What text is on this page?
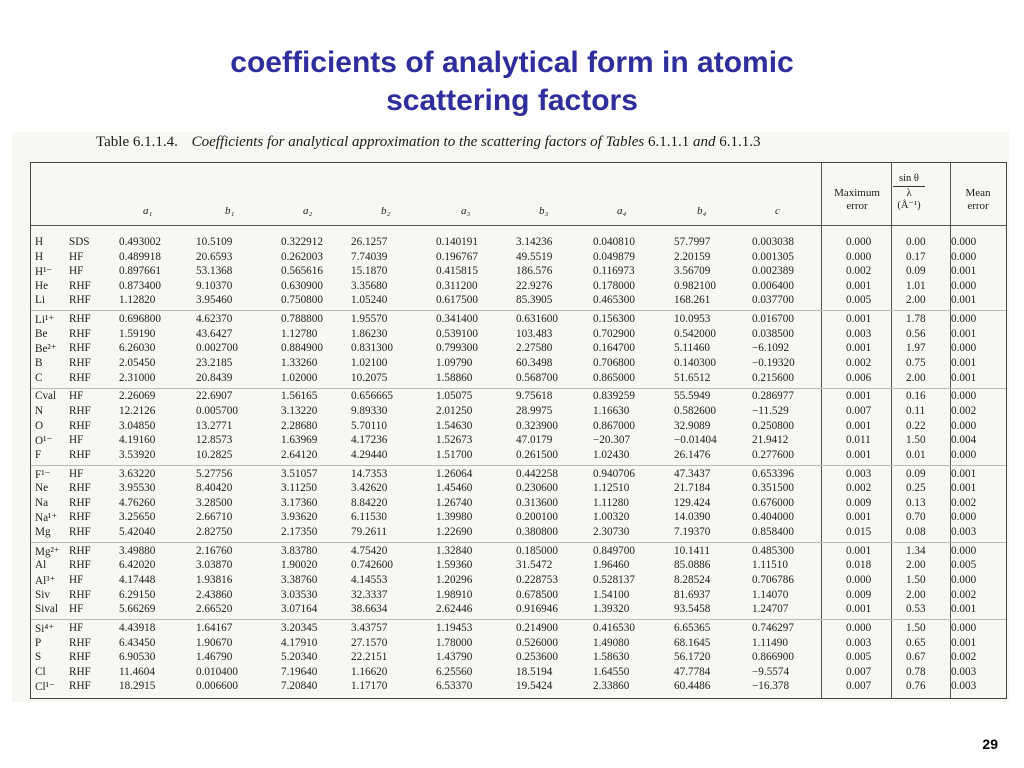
coefficients of analytical form in atomic
scattering factors
Table 6.1.1.4. Coefficients for analytical approximation to the scattering factors of Tables 6.1.1.1 and 6.1.1.3
a₁	b₁	a₂	b₂	a₃	b₃	a₄	b₄	c
Maximum
error
sin θ
λ
(Å⁻¹)
Mean
error
H SDS	0.493002	10.5109	0.322912	26.1257	0.140191	3.14236	0.040810	57.7997	0.003038	0.000	0.00 0.000
H HF	0.489918	20.6593	0.262003	7.74039	0.196767	49.5519	0.049879	2.20159	0.001305	0.000	0.17 0.000
H¹⁻ HF	0.897661	53.1368	0.565616	15.1870	0.415815	186.576	0.116973	3.56709	0.002389	0.002	0.09 0.001
He RHF	0.873400	9.10370	0.630900	3.35680	0.311200	22.9276	0.178000	0.982100	0.006400	0.001	1.01 0.000
Li RHF	1.12820	3.95460	0.750800	1.05240	0.617500	85.3905	0.465300	168.261	0.037700	0.005	2.00 0.001
Li¹⁺ RHF	0.696800	4.62370	0.788800	1.95570	0.341400	0.631600	0.156300	10.0953	0.016700	0.001	1.78 0.000
Be RHF	1.59190	43.6427	1.12780	1.86230	0.539100	103.483	0.702900	0.542000	0.038500	0.003	0.56 0.001
Be²⁺ RHF	6.26030	0.002700	0.884900	0.831300	0.799300	2.27580	0.164700	5.11460	−6.1092	0.001	1.97 0.000
B RHF	2.05450	23.2185	1.33260	1.02100	1.09790	60.3498	0.706800	0.140300	−0.19320	0.002	0.75 0.001
C RHF	2.31000	20.8439	1.02000	10.2075	1.58860	0.568700	0.865000	51.6512	0.215600	0.006	2.00 0.001
Cval HF	2.26069	22.6907	1.56165	0.656665	1.05075	9.75618	0.839259	55.5949	0.286977	0.001	0.16 0.000
N RHF	12.2126	0.005700	3.13220	9.89330	2.01250	28.9975	1.16630	0.582600	−11.529	0.007	0.11 0.002
O RHF	3.04850	13.2771	2.28680	5.70110	1.54630	0.323900	0.867000	32.9089	0.250800	0.001	0.22 0.000
O¹⁻ HF	4.19160	12.8573	1.63969	4.17236	1.52673	47.0179	−20.307	−0.01404	21.9412	0.011	1.50 0.004
F RHF	3.53920	10.2825	2.64120	4.29440	1.51700	0.261500	1.02430	26.1476	0.277600	0.001	0.01 0.000
F¹⁻ HF	3.63220	5.27756	3.51057	14.7353	1.26064	0.442258	0.940706	47.3437	0.653396	0.003	0.09 0.001
Ne RHF	3.95530	8.40420	3.11250	3.42620	1.45460	0.230600	1.12510	21.7184	0.351500	0.002	0.25 0.001
Na RHF	4.76260	3.28500	3.17360	8.84220	1.26740	0.313600	1.11280	129.424	0.676000	0.009	0.13 0.002
Na¹⁺ RHF	3.25650	2.66710	3.93620	6.11530	1.39980	0.200100	1.00320	14.0390	0.404000	0.001	0.70 0.000
Mg RHF	5.42040	2.82750	2.17350	79.2611	1.22690	0.380800	2.30730	7.19370	0.858400	0.015	0.08 0.003
Mg²⁺ RHF	3.49880	2.16760	3.83780	4.75420	1.32840	0.185000	0.849700	10.1411	0.485300	0.001	1.34 0.000
Al RHF	6.42020	3.03870	1.90020	0.742600	1.59360	31.5472	1.96460	85.0886	1.11510	0.018	2.00 0.005
Al³⁺ HF	4.17448	1.93816	3.38760	4.14553	1.20296	0.228753	0.528137	8.28524	0.706786	0.000	1.50 0.000
Siv RHF	6.29150	2.43860	3.03530	32.3337	1.98910	0.678500	1.54100	81.6937	1.14070	0.009	2.00 0.002
Sival HF	5.66269	2.66520	3.07164	38.6634	2.62446	0.916946	1.39320	93.5458	1.24707	0.001	0.53 0.001
Si⁴⁺ HF	4.43918	1.64167	3.20345	3.43757	1.19453	0.214900	0.416530	6.65365	0.746297	0.000	1.50 0.000
P RHF	6.43450	1.90670	4.17910	27.1570	1.78000	0.526000	1.49080	68.1645	1.11490	0.003	0.65 0.001
S RHF	6.90530	1.46790	5.20340	22.2151	1.43790	0.253600	1.58630	56.1720	0.866900	0.005	0.67 0.002
Cl RHF	11.4604	0.010400	7.19640	1.16620	6.25560	18.5194	1.64550	47.7784	−9.5574	0.007	0.78 0.003
Cl¹⁻ RHF	18.2915	0.006600	7.20840	1.17170	6.53370	19.5424	2.33860	60.4486	−16.378	0.007	0.76 0.003
29
